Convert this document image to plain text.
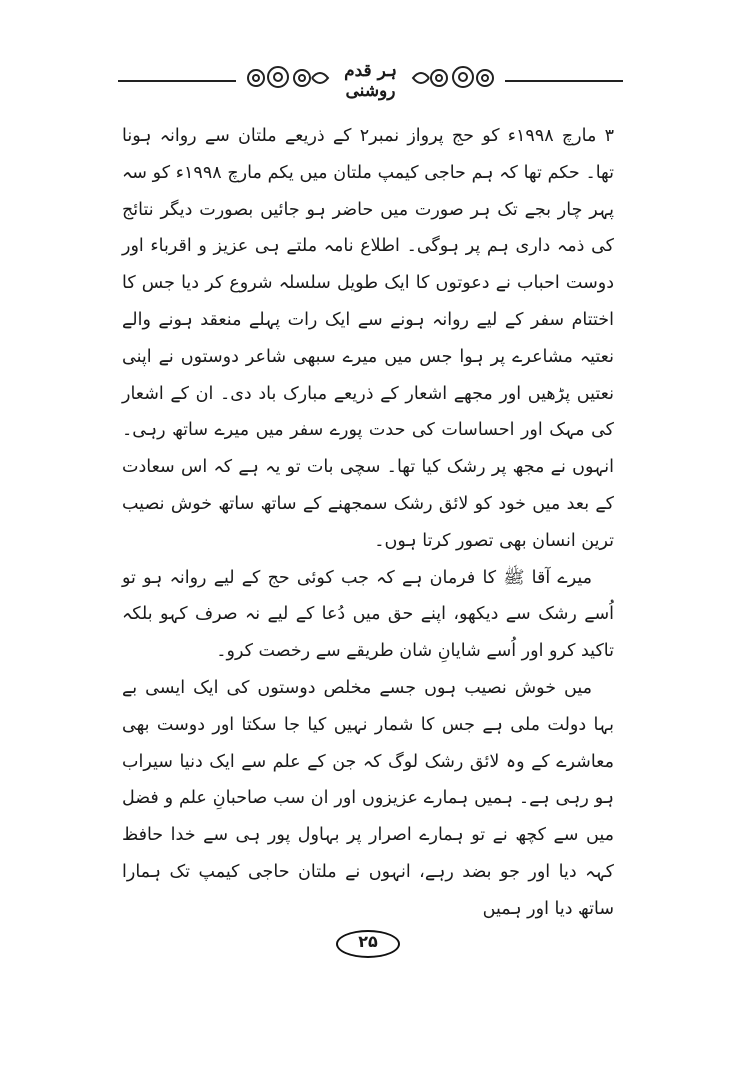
ہر قدم روشنی

۳ مارچ ۱۹۹۸ء کو حج پرواز نمبر۲ کے ذریعے ملتان سے روانہ ہونا تھا۔ حکم تھا کہ ہم حاجی کیمپ ملتان میں یکم مارچ ۱۹۹۸ء کو سہ پہر چار بجے تک ہر صورت میں حاضر ہو جائیں بصورت دیگر نتائج کی ذمہ داری ہم پر ہوگی۔ اطلاع نامہ ملتے ہی عزیز و اقرباء اور دوست احباب نے دعوتوں کا ایک طویل سلسلہ شروع کر دیا جس کا اختتام سفر کے لیے روانہ ہونے سے ایک رات پہلے منعقد ہونے والے نعتیہ مشاعرے پر ہوا جس میں میرے سبھی شاعر دوستوں نے اپنی نعتیں پڑھیں اور مجھے اشعار کے ذریعے مبارک باد دی۔ ان کے اشعار کی مہک اور احساسات کی حدت پورے سفر میں میرے ساتھ رہی۔ انہوں نے مجھ پر رشک کیا تھا۔ سچی بات تو یہ ہے کہ اس سعادت کے بعد میں خود کو لائق رشک سمجھنے کے ساتھ ساتھ خوش نصیب ترین انسان بھی تصور کرتا ہوں۔

میرے آقا ﷺ کا فرمان ہے کہ جب کوئی حج کے لیے روانہ ہو تو اُسے رشک سے دیکھو، اپنے حق میں دُعا کے لیے نہ صرف کہو بلکہ تاکید کرو اور اُسے شایانِ شان طریقے سے رخصت کرو۔

میں خوش نصیب ہوں جسے مخلص دوستوں کی ایک ایسی بے بہا دولت ملی ہے جس کا شمار نہیں کیا جا سکتا اور دوست بھی معاشرے کے وہ لائق رشک لوگ کہ جن کے علم سے ایک دنیا سیراب ہو رہی ہے۔ ہمیں ہمارے عزیزوں اور ان سب صاحبانِ علم و فضل میں سے کچھ نے تو ہمارے اصرار پر بہاول پور ہی سے خدا حافظ کہہ دیا اور جو بضد رہے، انہوں نے ملتان حاجی کیمپ تک ہمارا ساتھ دیا اور ہمیں

۲۵
